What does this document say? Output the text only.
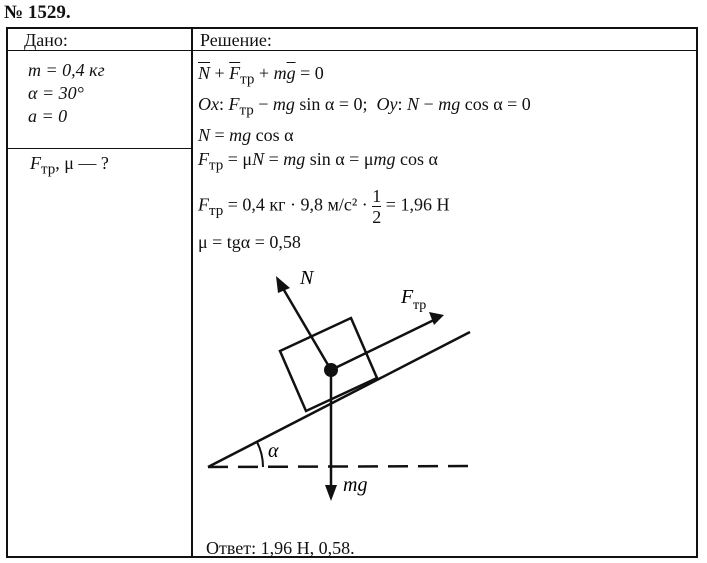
№ 1529.
Дано:	Решение:
m = 0,4 кг
α = 30°
a = 0
$F_{тр}$, μ — ?
$\overline{N} + \overline{F}_{тр} + m\overline{g} = 0$
Ox: $F_{тр}$ − mg sin α = 0;  Oy: N − mg cos α = 0
N = mg cos α
$F_{тр} = \mu N$ = mg sin α = μmg cos α
$F_{тр} = 0,4$ кг · 9,8 $м/с^2 \cdot \frac{1}{2} = 1,96$ Н
μ = tgα = 0,58
N
F тр
mg
α
Ответ: 1,96 Н, 0,58.
